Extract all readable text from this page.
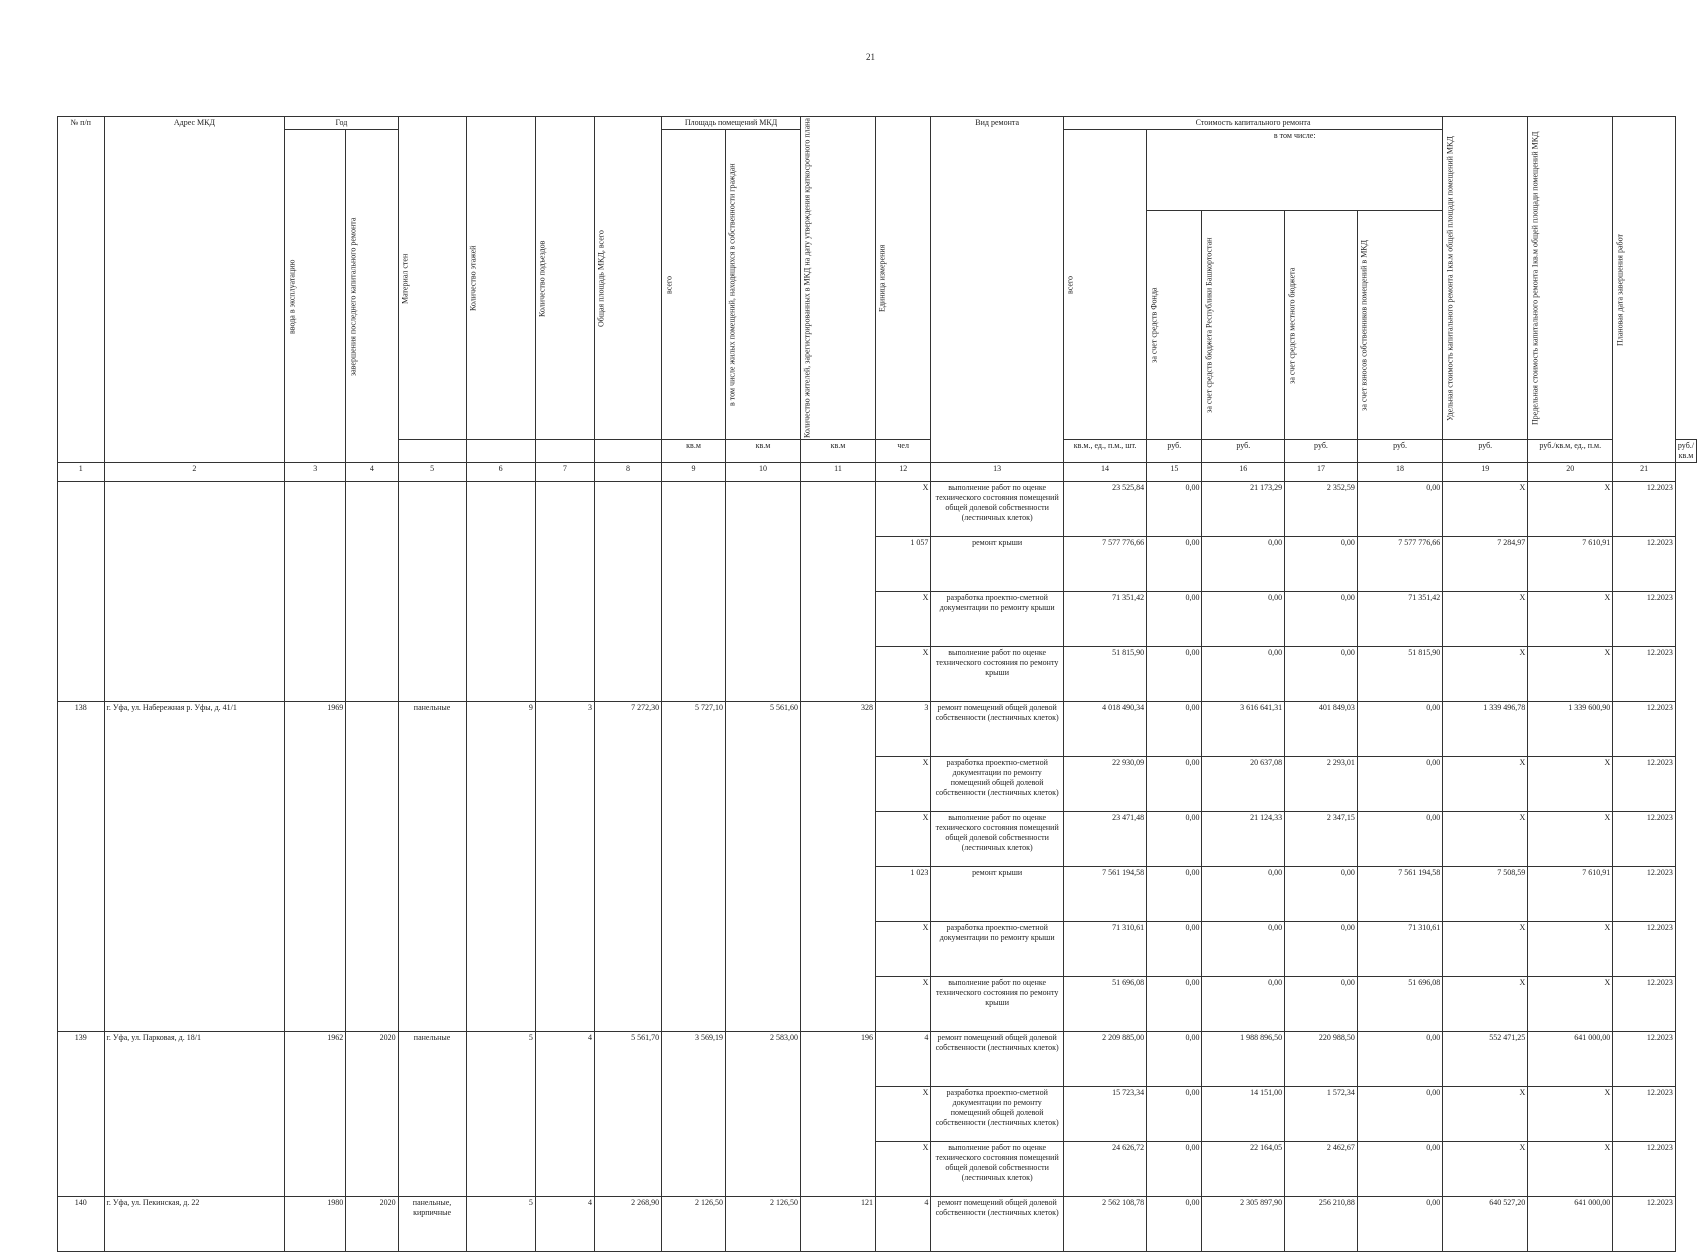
21
№ п/п	Адрес МКД	Год		Материал стен	Количество этажей	Количество подъездов	Общая площадь МКД, всего	Площадь помещений МКД		Количество жителей, зарегистрированных в МКД на дату утверждения краткосрочного плана	Единица измерения	Вид ремонта	Стоимость капитального ремонта					Удельная стоимость капитального ремонта 1кв.м общей площади помещений МКД	Предельная стоимость капитального ремонта 1кв.м общей площади помещений МКД	Плановая дата завершения работ	
		ввода в эксплуатацию	завершения последнего капитального ремонта					всего	в том числе жилых помещений, находящихся в собственности граждан				всего	в том числе:							
														за счет средств Фонда	за счет средств бюджета Республики Башкортостан	за счет средств местного бюджета	за счет взносов собственников помещений в МКД				
								кв.м	кв.м	кв.м	чел		кв.м., ед., п.м., шт.	руб.	руб.	руб.	руб.	руб.	руб./кв.м, ед., п.м.		руб./кв.м
1	2	3	4	5	6	7	8	9	10	11	12	13	14	15	16	17	18	19	20	21	
											X	выполнение работ по оценке технического состояния помещений общей долевой собственности (лестничных клеток)	23 525,84	0,00	21 173,29	2 352,59	0,00	X	X	12.2023	
											1 057	ремонт крыши	7 577 776,66	0,00	0,00	0,00	7 577 776,66	7 284,97	7 610,91	12.2023	
											X	разработка проектно-сметной документации по ремонту крыши	71 351,42	0,00	0,00	0,00	71 351,42	X	X	12.2023	
											X	выполнение работ по оценке технического состояния по ремонту крыши	51 815,90	0,00	0,00	0,00	51 815,90	X	X	12.2023	
138	г. Уфа, ул. Набережная р. Уфы, д. 41/1	1969		панельные	9	3	7 272,30	5 727,10	5 561,60	328	3	ремонт помещений общей долевой собственности (лестничных клеток)	4 018 490,34	0,00	3 616 641,31	401 849,03	0,00	1 339 496,78	1 339 600,90	12.2023	
											X	разработка проектно-сметной документации по ремонту помещений общей долевой собственности (лестничных клеток)	22 930,09	0,00	20 637,08	2 293,01	0,00	X	X	12.2023	
											X	выполнение работ по оценке технического состояния помещений общей долевой собственности (лестничных клеток)	23 471,48	0,00	21 124,33	2 347,15	0,00	X	X	12.2023	
											1 023	ремонт крыши	7 561 194,58	0,00	0,00	0,00	7 561 194,58	7 508,59	7 610,91	12.2023	
											X	разработка проектно-сметной документации по ремонту крыши	71 310,61	0,00	0,00	0,00	71 310,61	X	X	12.2023	
											X	выполнение работ по оценке технического состояния по ремонту крыши	51 696,08	0,00	0,00	0,00	51 696,08	X	X	12.2023	
139	г. Уфа, ул. Парковая, д. 18/1	1962	2020	панельные	5	4	5 561,70	3 569,19	2 583,00	196	4	ремонт помещений общей долевой собственности (лестничных клеток)	2 209 885,00	0,00	1 988 896,50	220 988,50	0,00	552 471,25	641 000,00	12.2023	
											X	разработка проектно-сметной документации по ремонту помещений общей долевой собственности (лестничных клеток)	15 723,34	0,00	14 151,00	1 572,34	0,00	X	X	12.2023	
											X	выполнение работ по оценке технического состояния помещений общей долевой собственности (лестничных клеток)	24 626,72	0,00	22 164,05	2 462,67	0,00	X	X	12.2023	
140	г. Уфа, ул. Пекинская, д. 22	1980	2020	панельные, кирпичные	5	4	2 268,90	2 126,50	2 126,50	121	4	ремонт помещений общей долевой собственности (лестничных клеток)	2 562 108,78	0,00	2 305 897,90	256 210,88	0,00	640 527,20	641 000,00	12.2023	
